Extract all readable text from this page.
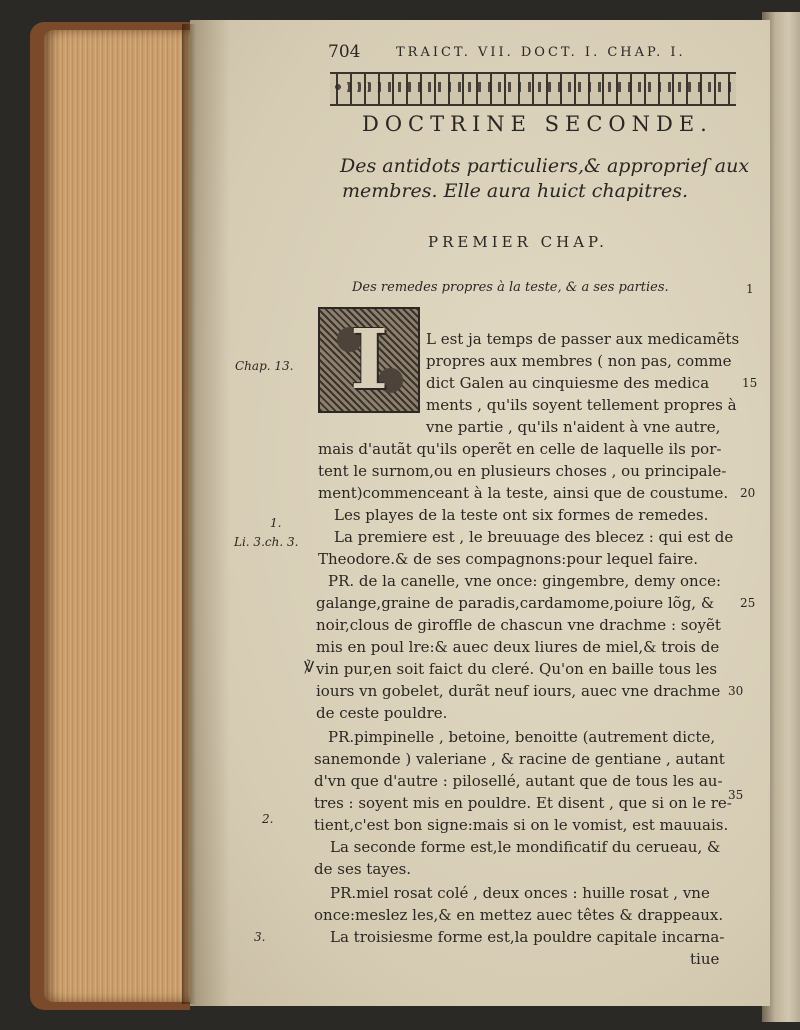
704	TRAICT. VII. DOCT. I. CHAP. I.
DOCTRINE SECONDE.
Des antidots particuliers,& approprieſ aux
membres. Elle aura huict chapitres.
PREMIER CHAP.
Des remedes propres à la teste, & a ses parties.
I	L est ja temps de passer aux medicamẽts
propres aux membres ( non pas, comme
dict Galen au cinquiesme des medica
ments , qu'ils soyent tellement propres à
vne partie , qu'ils n'aident à vne autre,
mais d'autãt qu'ils operẽt en celle de laquelle ils por-
tent le surnom,ou en plusieurs choses , ou principale-
ment)commenceant à la teste, ainsi que de coustume.
Les playes de la teste ont six formes de remedes.
La premiere est , le breuuage des blecez : qui est de
Theodore.& de ses compagnons:pour lequel faire.
PR. de la canelle, vne once: gingembre, demy once:
galange,graine de paradis,cardamome,poiure lõg, &
noir,clous de giroffle de chascun vne drachme : soyẽt
mis en poul lre:& auec deux liures de miel,& trois de
vin pur,en soit faict du cleré. Qu'on en baille tous les
iours vn gobelet, durãt neuf iours, auec vne drachme
de ceste pouldre.
PR.pimpinelle , betoine, benoitte (autrement dicte,
sanemonde ) valeriane , & racine de gentiane , autant
d'vn que d'autre : pilosellé, autant que de tous les au-
tres : soyent mis en pouldre. Et disent , que si on le re-
tient,c'est bon signe:mais si on le vomist, est mauuais.
La seconde forme est,le mondificatif du cerueau, &
de ses tayes.
PR.miel rosat colé , deux onces : huille rosat , vne
once:meslez les,& en mettez auec têtes & drappeaux.
La troisiesme forme est,la pouldre capitale incarna-
tiue
Chap. 13.
1.
Li. 3.ch. 3.
2.
3.
1
15
20
25
30
35
℣
